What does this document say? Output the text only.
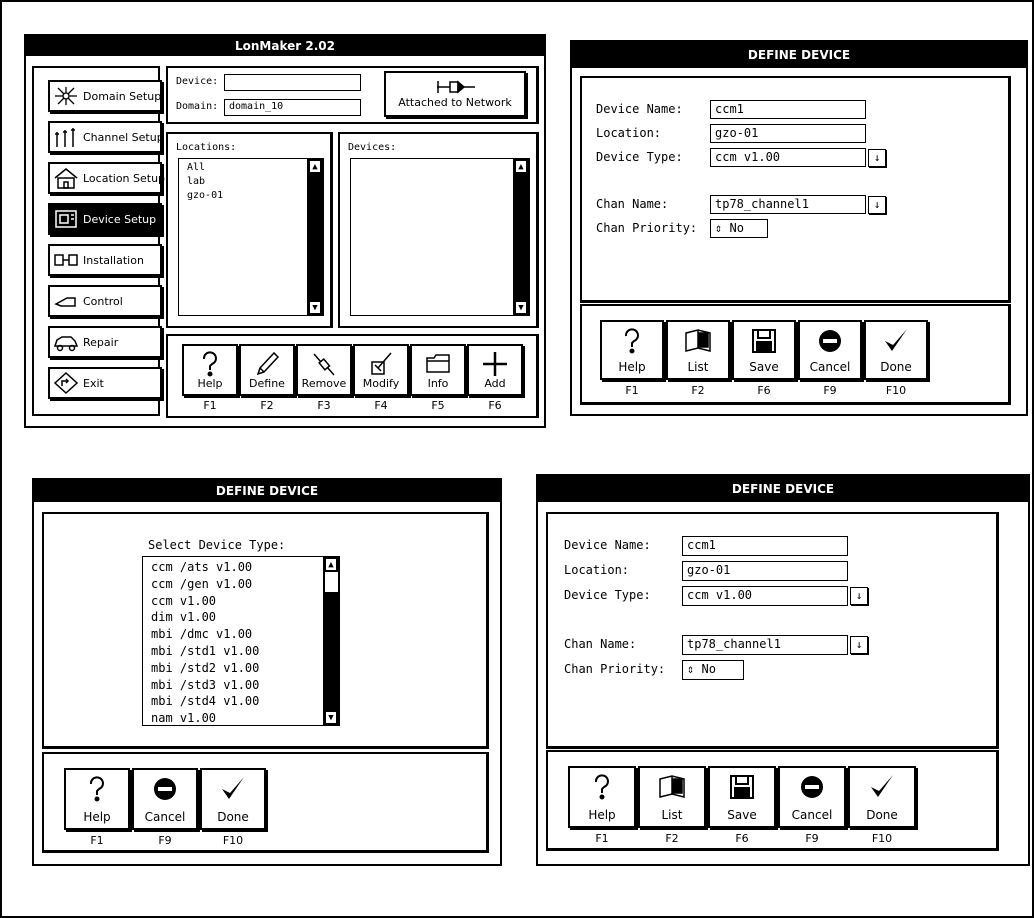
LonMaker 2.02
Domain Setup
Channel Setup
Location Setup
Device Setup
Installation
Control
Repair
Exit
Device:
Domain:	domain_10	Attached to Network
Locations:
All
lab
gzo-01
▲
▼
Devices:
▲
▼
Help	Define	Remove	Modify	Info	Add
F1	F2	F3	F4	F5	F6
DEFINE DEVICE
Device Name:	ccm1
Location:	gzo-01
Device Type:	ccm v1.00	↓
Chan Name:	tp78_channel1	↓
Chan Priority:	⇕ No
Help	List	Save	Cancel	Done
F1	F2	F6	F9	F10
DEFINE DEVICE
Select Device Type:
ccm /ats v1.00
ccm /gen v1.00
ccm v1.00
dim v1.00
mbi /dmc v1.00
mbi /std1 v1.00
mbi /std2 v1.00
mbi /std3 v1.00
mbi /std4 v1.00
nam v1.00
▲
▼
Help	Cancel	Done
F1	F9	F10
DEFINE DEVICE
Device Name:	ccm1
Location:	gzo-01
Device Type:	ccm v1.00	↓
Chan Name:	tp78_channel1	↓
Chan Priority:	⇕ No
Help	List	Save	Cancel	Done
F1	F2	F6	F9	F10
